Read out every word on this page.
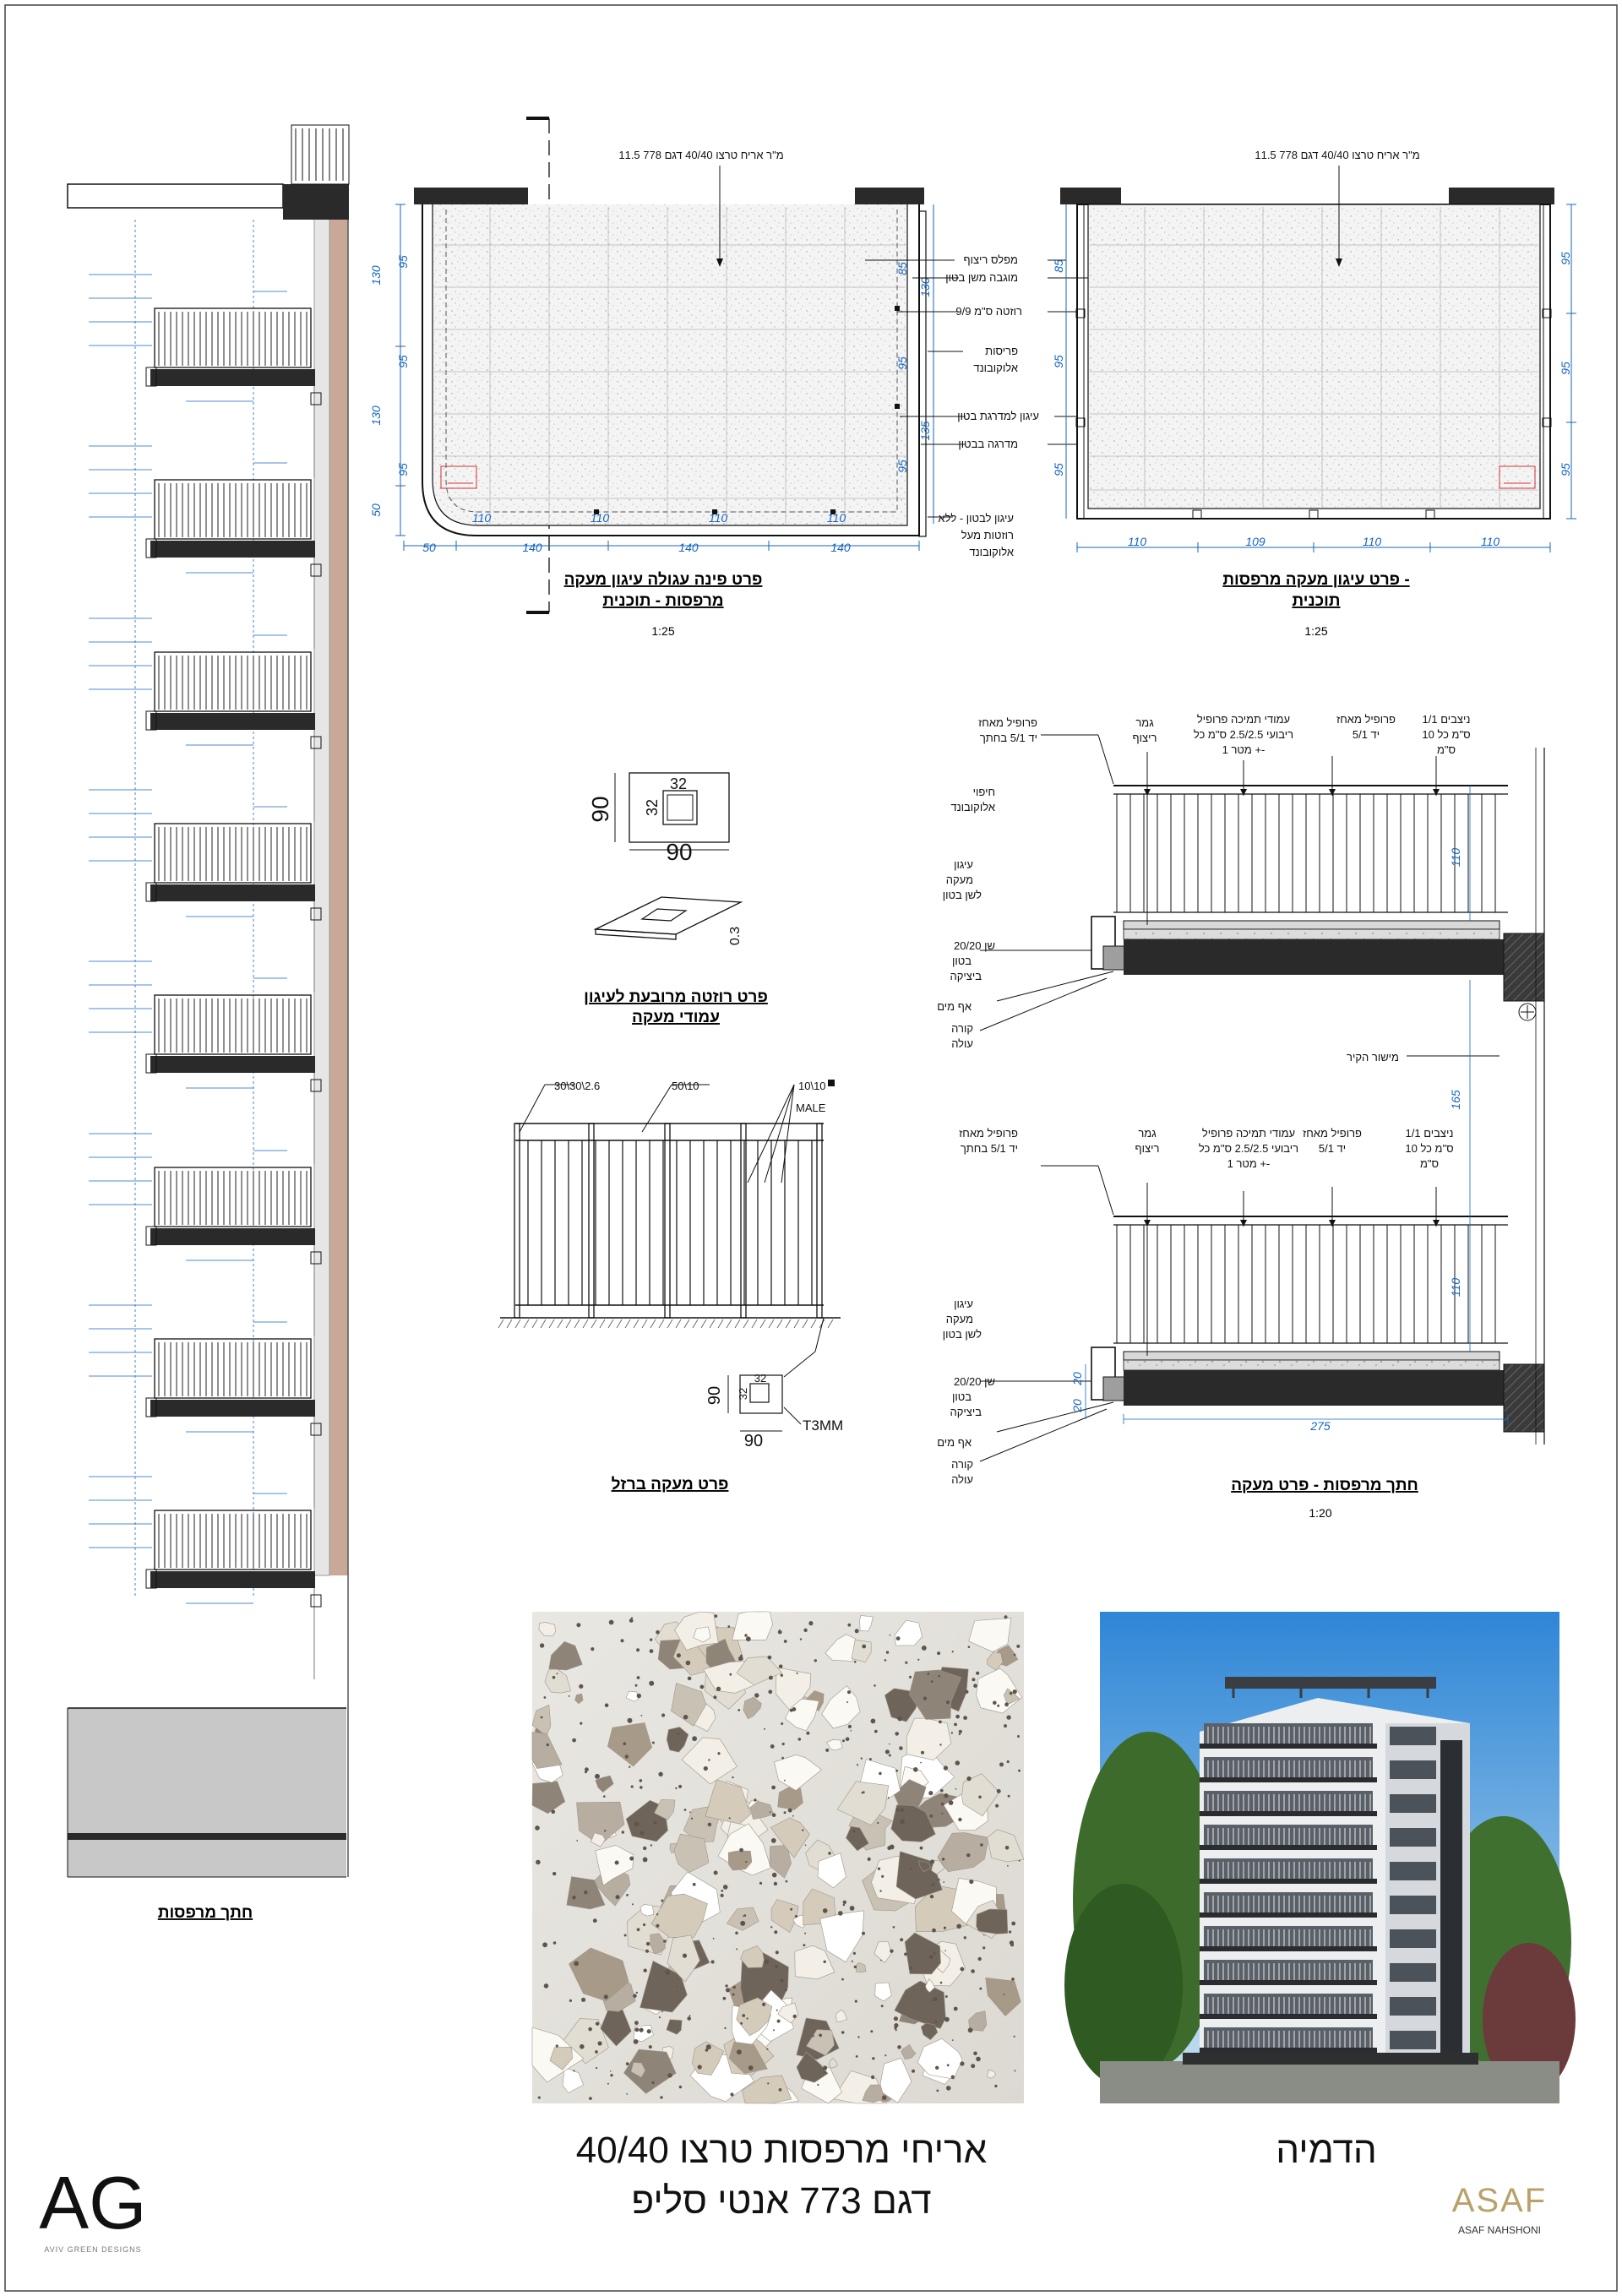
חתך מרפסות
11.5 מ"ר אריח טרצו 40/40 דגם 778
50	140	140	140
110	110	110	110
130
130
50
95
95
95
85
130
95
135
95
פרט פינה עגולה עיגון מעקה
מרפסות - תוכנית
1:25
מפלס ריצוף
מוגבה משן בטון
רוזטה ס"מ 9/9
פריסות
אלוקובונד
עיגון למדרגת בטון
מדרגה בבטון
עיגון לבטון - ללא
רוזטות מעל
אלוקובונד
11.5 מ"ר אריח טרצו 40/40 דגם 778
110	109	110	110
85
95
95
95
95
95
פרט עיגון מעקה מרפסות -
תוכנית
1:25
32
32
90
90
0.3
פרט רוזטה מרובעת לעיגון
עמודי מעקה
30\30\2.6	50\10	10\10
MALE
32
32
90
90
T3MM
פרט מעקה ברזל
פרופיל מאחז
יד 5/1 בחתך
גמר
ריצוף
עמודי תמיכה פרופיל
ריבועי 2.5/2.5 ס"מ כל
1 מטר +-
פרופיל מאחז
יד 5/1
ניצבים 1/1
ס"מ כל 10
ס"מ
חיפוי
אלוקובונד
עיגון
מעקה
לשן בטון
שן 20/20
בטון
ביציקה
אף מים
קורה
עולה
מישור הקיר
פרופיל מאחז
יד 5/1 בחתך
גמר
ריצוף
עמודי תמיכה פרופיל
ריבועי 2.5/2.5 ס"מ כל
1 מטר +-
פרופיל מאחז
יד 5/1
ניצבים 1/1
ס"מ כל 10
ס"מ
עיגון
מעקה
לשן בטון
שן 20/20
בטון
ביציקה
אף מים
קורה
עולה
110
165
110
275
20
20
חתך מרפסות - פרט מעקה
1:20
אריחי מרפסות טרצו 40/40
דגם 773 אנטי סליפ
הדמיה
AG
AVIV GREEN DESIGNS
ASAF
ASAF NAHSHONI
